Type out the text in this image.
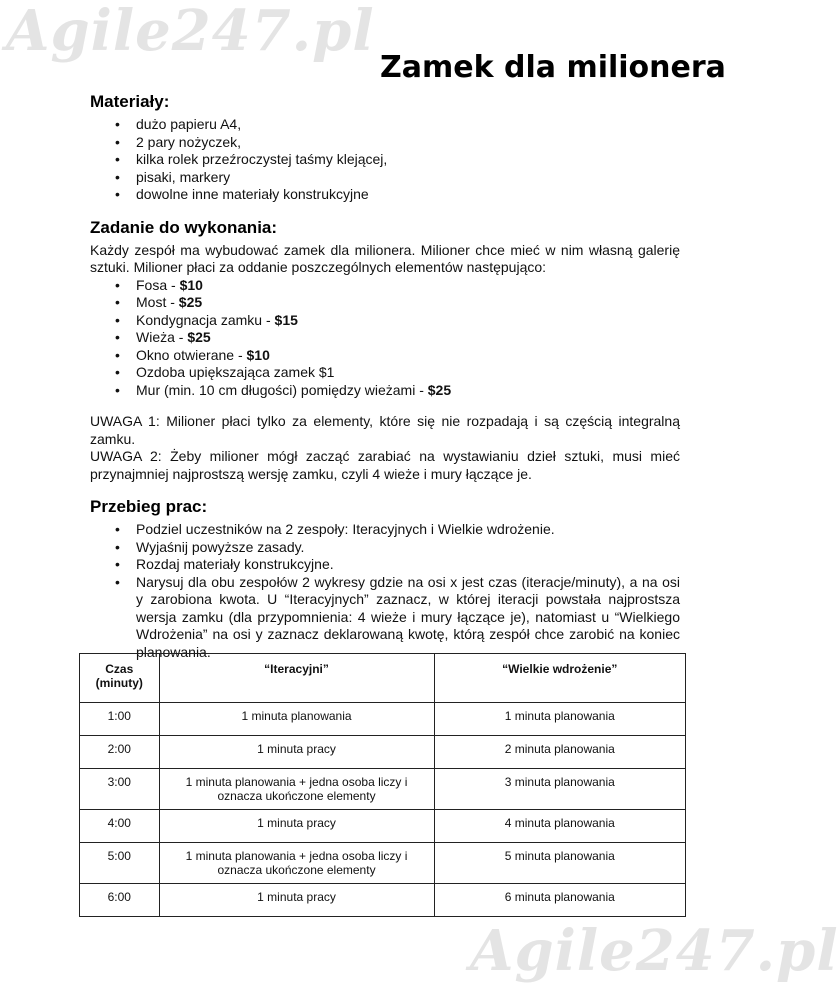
Agile247.pl
Agile247.pl
Zamek dla milionera
Materiały:
• dużo papieru A4,
• 2 pary nożyczek,
• kilka rolek przeźroczystej taśmy klejącej,
• pisaki, markery
• dowolne inne materiały konstrukcyjne
Zadanie do wykonania:

Każdy zespół ma wybudować zamek dla milionera. Milioner chce mieć w nim własną galerię sztuki. Milioner płaci za oddanie poszczególnych elementów następująco:

• Fosa - $10
• Most - $25
• Kondygnacja zamku - $15
• Wieża - $25
• Okno otwierane - $10
• Ozdoba upiększająca zamek $1
• Mur (min. 10 cm długości) pomiędzy wieżami - $25

UWAGA 1: Milioner płaci tylko za elementy, które się nie rozpadają i są częścią integralną zamku.

UWAGA 2: Żeby milioner mógł zacząć zarabiać na wystawianiu dzieł sztuki, musi mieć przynajmniej najprostszą wersję zamku, czyli 4 wieże i mury łączące je.

Przebieg prac:
• Podziel uczestników na 2 zespoły: Iteracyjnych i Wielkie wdrożenie.
• Wyjaśnij powyższe zasady.
• Rozdaj materiały konstrukcyjne.
• Narysuj dla obu zespołów 2 wykresy gdzie na osi x jest czas (iteracje/minuty), a na osi y zarobiona kwota. U “Iteracyjnych” zaznacz, w której iteracji powstała najprostsza wersja zamku (dla przypomnienia: 4 wieże i mury łączące je), natomiast u “Wielkiego Wdrożenia” na osi y zaznacz deklarowaną kwotę, którą zespół chce zarobić na koniec planowania.
Czas (minuty)	“Iteracyjni”	“Wielkie wdrożenie”
1:00	1 minuta planowania	1 minuta planowania
2:00	1 minuta pracy	2 minuta planowania
3:00	1 minuta planowania + jedna osoba liczy i oznacza ukończone elementy	3 minuta planowania
4:00	1 minuta pracy	4 minuta planowania
5:00	1 minuta planowania + jedna osoba liczy i oznacza ukończone elementy	5 minuta planowania
6:00	1 minuta pracy	6 minuta planowania
